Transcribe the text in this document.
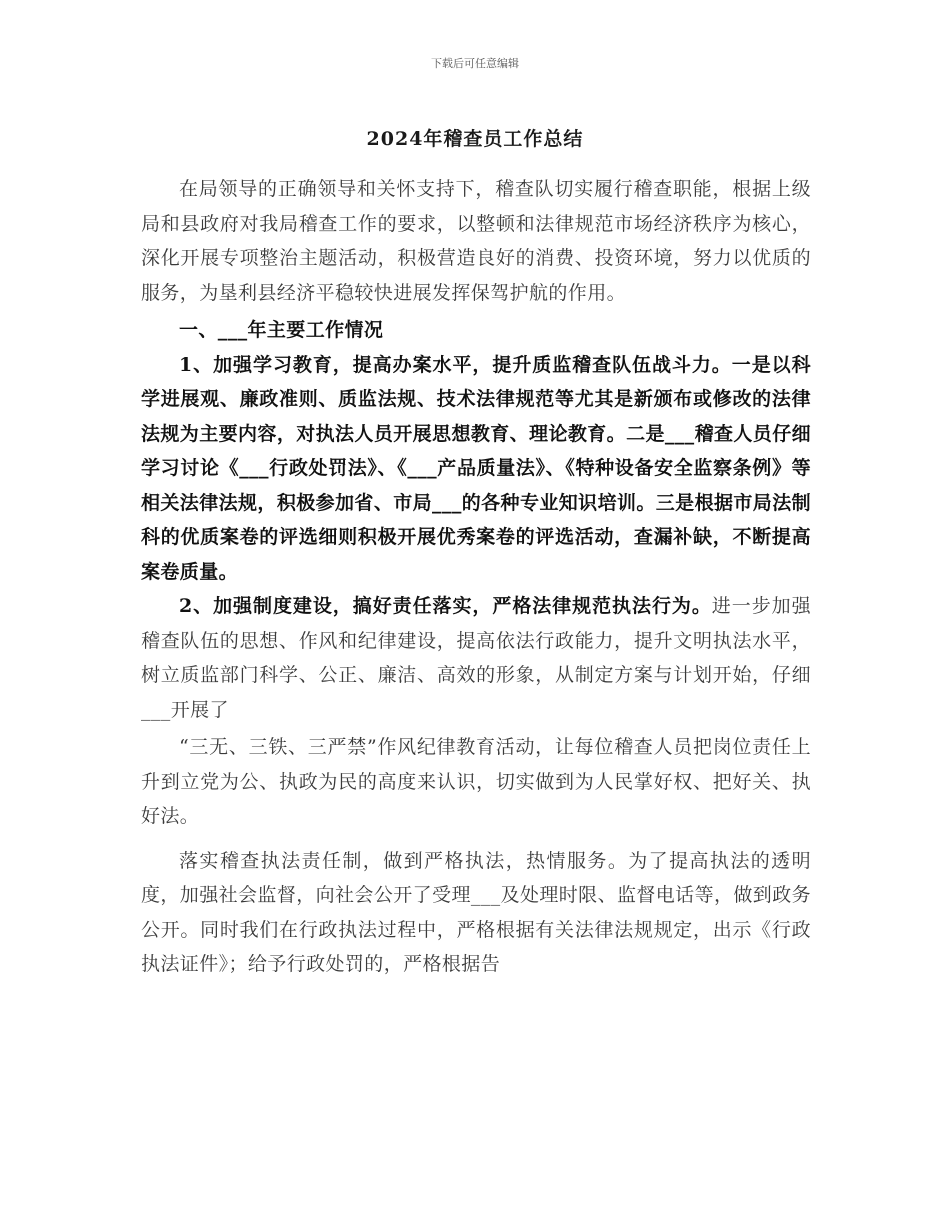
下载后可任意编辑
2024年稽查员工作总结

在局领导的正确领导和关怀支持下，稽查队切实履行稽查职能，根据上级局和县政府对我局稽查工作的要求，以整顿和法律规范市场经济秩序为核心，深化开展专项整治主题活动，积极营造良好的消费、投资环境，努力以优质的服务，为垦利县经济平稳较快进展发挥保驾护航的作用。

一、___年主要工作情况

1、加强学习教育，提高办案水平，提升质监稽查队伍战斗力。一是以科学进展观、廉政准则、质监法规、技术法律规范等尤其是新颁布或修改的法律法规为主要内容，对执法人员开展思想教育、理论教育。二是___稽查人员仔细学习讨论《___行政处罚法》、《___产品质量法》、《特种设备安全监察条例》等相关法律法规，积极参加省、市局___的各种专业知识培训。三是根据市局法制科的优质案卷的评选细则积极开展优秀案卷的评选活动，查漏补缺，不断提高案卷质量。

2、加强制度建设，搞好责任落实，严格法律规范执法行为。进一步加强稽查队伍的思想、作风和纪律建设，提高依法行政能力，提升文明执法水平，树立质监部门科学、公正、廉洁、高效的形象，从制定方案与计划开始，仔细___开展了

“三无、三铁、三严禁”作风纪律教育活动，让每位稽查人员把岗位责任上升到立党为公、执政为民的高度来认识，切实做到为人民掌好权、把好关、执好法。

落实稽查执法责任制，做到严格执法，热情服务。为了提高执法的透明度，加强社会监督，向社会公开了受理___及处理时限、监督电话等，做到政务公开。同时我们在行政执法过程中，严格根据有关法律法规规定，出示《行政执法证件》；给予行政处罚的，严格根据告
